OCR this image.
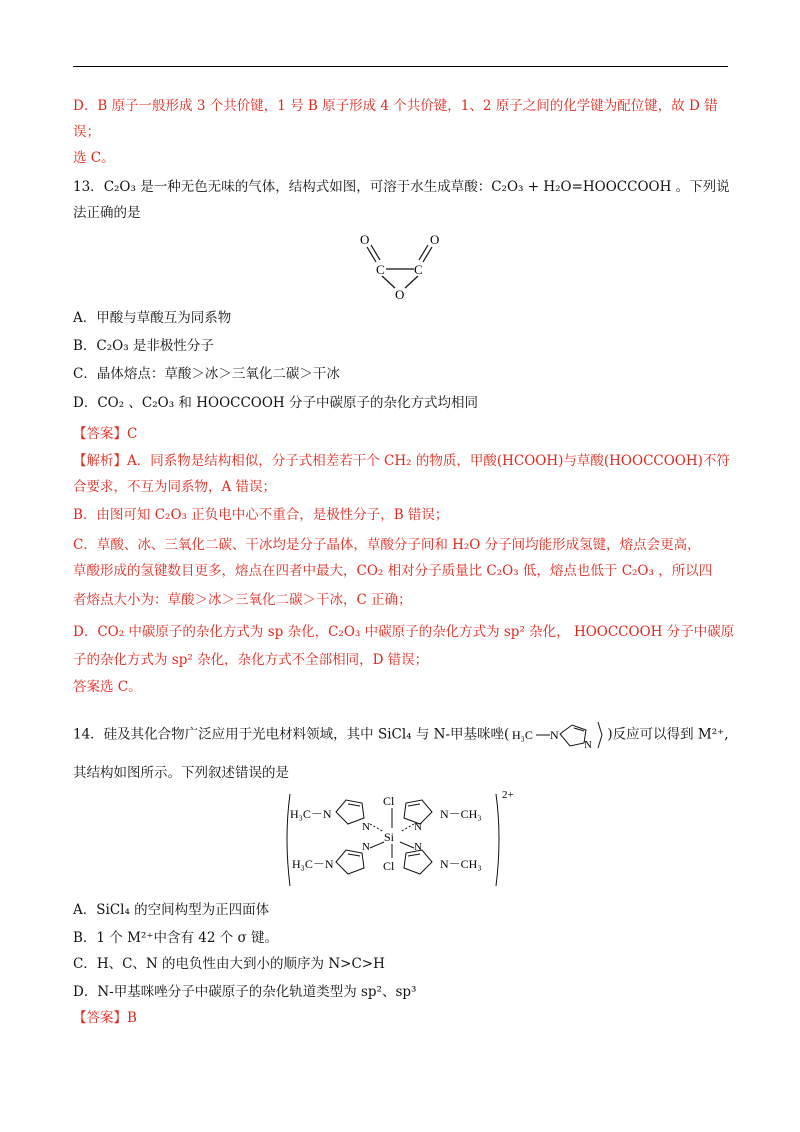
D．B 原子一般形成 3 个共价键，1 号 B 原子形成 4 个共价键，1、2 原子之间的化学键为配位键，故 D 错
误；
选 C。
13．C₂O₃ 是一种无色无味的气体，结构式如图，可溶于水生成草酸：C₂O₃ + H₂O=HOOCCOOH 。下列说
法正确的是
O	O
C C
O
A．甲酸与草酸互为同系物
B．C₂O₃ 是非极性分子
C．晶体熔点：草酸＞冰＞三氧化二碳＞干冰
D．CO₂ 、C₂O₃ 和 HOOCCOOH 分子中碳原子的杂化方式均相同
【答案】C
【解析】A．同系物是结构相似，分子式相差若干个 CH₂ 的物质，甲酸(HCOOH)与草酸(HOOCCOOH)不符
合要求，不互为同系物，A 错误；
B．由图可知 C₂O₃ 正负电中心不重合，是极性分子，B 错误；
C．草酸、冰、三氧化二碳、干冰均是分子晶体，草酸分子间和 H₂O 分子间均能形成氢键，熔点会更高，
草酸形成的氢键数目更多，熔点在四者中最大，CO₂ 相对分子质量比 C₂O₃ 低，熔点也低于 C₂O₃ ，所以四
者熔点大小为：草酸＞冰＞三氧化二碳＞干冰，C 正确；
D．CO₂ 中碳原子的杂化方式为 sp 杂化，C₂O₃ 中碳原子的杂化方式为 sp² 杂化， HOOCCOOH 分子中碳原
子的杂化方式为 sp² 杂化，杂化方式不全部相同，D 错误；
答案选 C。
14．硅及其化合物广泛应用于光电材料领域，其中 SiCl₄ 与 N-甲基咪唑( H₃C N
N
)反应可以得到 M²⁺,
其结构如图所示。下列叙述错误的是
2+
Cl
Si
Cl
H₃C－N
H₃C－N
N－CH₃
N－CH₃
N
N
N
N
A．SiCl₄ 的空间构型为正四面体
B．1 个 M²⁺中含有 42 个 σ 键。
C．H、C、N 的电负性由大到小的顺序为 N>C>H
D．N-甲基咪唑分子中碳原子的杂化轨道类型为 sp²、sp³
【答案】B
